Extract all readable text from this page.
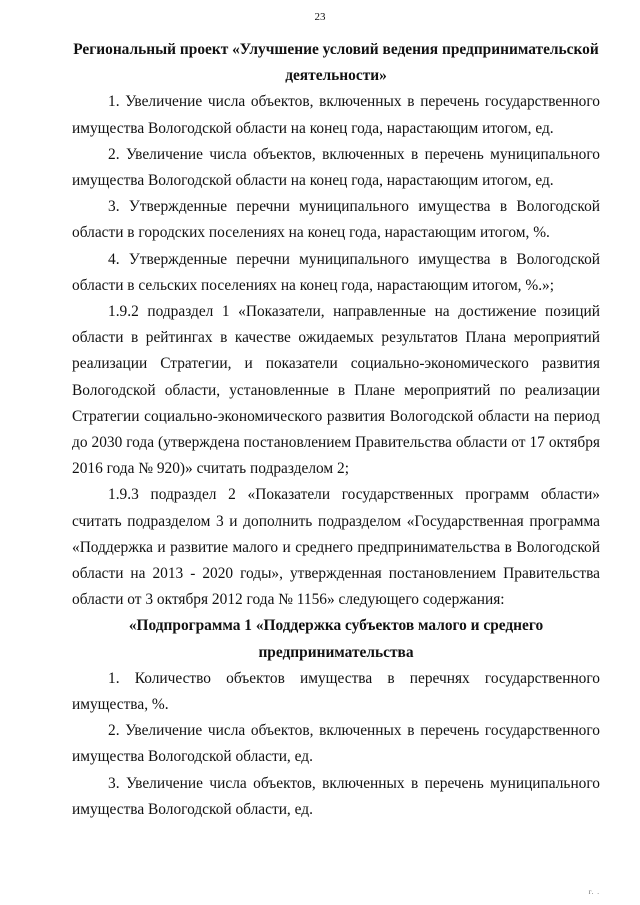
23

Региональный проект «Улучшение условий ведения предпринимательской деятельности»

1. Увеличение числа объектов, включенных в перечень государственного имущества Вологодской области на конец года, нарастающим итогом, ед.

2. Увеличение числа объектов, включенных в перечень муниципального имущества Вологодской области на конец года, нарастающим итогом, ед.

3. Утвержденные перечни муниципального имущества в Вологодской области в городских поселениях на конец года, нарастающим итогом, %.

4. Утвержденные перечни муниципального имущества в Вологодской области в сельских поселениях на конец года, нарастающим итогом, %.»;

1.9.2 подраздел 1 «Показатели, направленные на достижение позиций области в рейтингах в качестве ожидаемых результатов Плана мероприятий реализации Стратегии, и показатели социально-экономического развития Вологодской области, установленные в Плане мероприятий по реализации Стратегии социально-экономического развития Вологодской области на период до 2030 года (утверждена постановлением Правительства области от 17 октября 2016 года № 920)» считать подразделом 2;

1.9.3 подраздел 2 «Показатели государственных программ области» считать подразделом 3 и дополнить подразделом «Государственная программа «Поддержка и развитие малого и среднего предпринимательства в Вологодской области на 2013 - 2020 годы», утвержденная постановлением Правительства области от 3 октября 2012 года № 1156» следующего содержания:

«Подпрограмма 1 «Поддержка субъектов малого и среднего предпринимательства

1. Количество объектов имущества в перечнях государственного имущества, %.

2. Увеличение числа объектов, включенных в перечень государственного имущества Вологодской области, ед.

3. Увеличение числа объектов, включенных в перечень муниципального имущества Вологодской области, ед.

г. .
